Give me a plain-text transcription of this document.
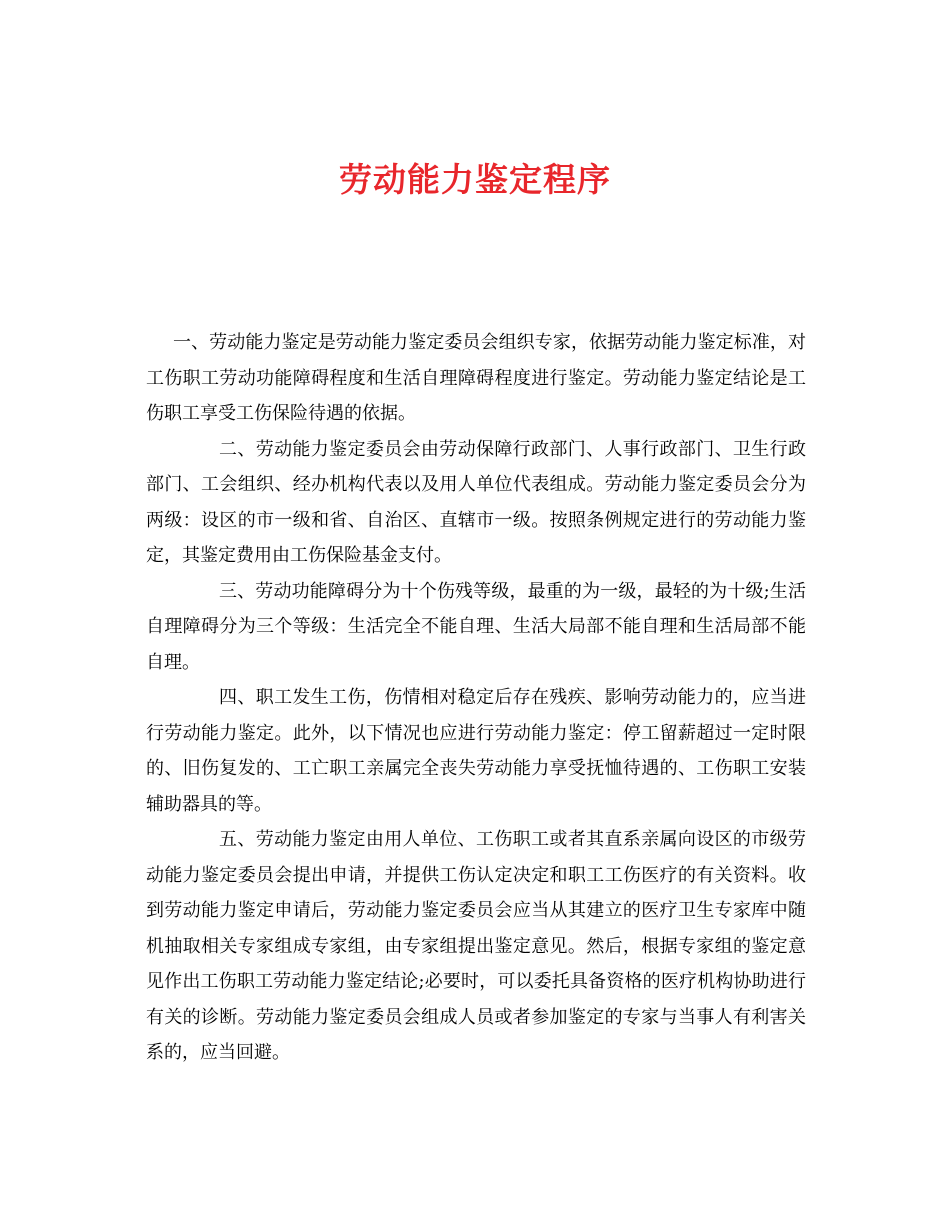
劳动能力鉴定程序

一、劳动能力鉴定是劳动能力鉴定委员会组织专家，依据劳动能力鉴定标准，对工伤职工劳动功能障碍程度和生活自理障碍程度进行鉴定。劳动能力鉴定结论是工伤职工享受工伤保险待遇的依据。

二、劳动能力鉴定委员会由劳动保障行政部门、人事行政部门、卫生行政部门、工会组织、经办机构代表以及用人单位代表组成。劳动能力鉴定委员会分为两级：设区的市一级和省、自治区、直辖市一级。按照条例规定进行的劳动能力鉴定，其鉴定费用由工伤保险基金支付。

三、劳动功能障碍分为十个伤残等级，最重的为一级，最轻的为十级;生活自理障碍分为三个等级：生活完全不能自理、生活大局部不能自理和生活局部不能自理。

四、职工发生工伤，伤情相对稳定后存在残疾、影响劳动能力的，应当进行劳动能力鉴定。此外，以下情况也应进行劳动能力鉴定：停工留薪超过一定时限的、旧伤复发的、工亡职工亲属完全丧失劳动能力享受抚恤待遇的、工伤职工安装辅助器具的等。

五、劳动能力鉴定由用人单位、工伤职工或者其直系亲属向设区的市级劳动能力鉴定委员会提出申请，并提供工伤认定决定和职工工伤医疗的有关资料。收到劳动能力鉴定申请后，劳动能力鉴定委员会应当从其建立的医疗卫生专家库中随机抽取相关专家组成专家组，由专家组提出鉴定意见。然后，根据专家组的鉴定意见作出工伤职工劳动能力鉴定结论;必要时，可以委托具备资格的医疗机构协助进行有关的诊断。劳动能力鉴定委员会组成人员或者参加鉴定的专家与当事人有利害关系的，应当回避。
